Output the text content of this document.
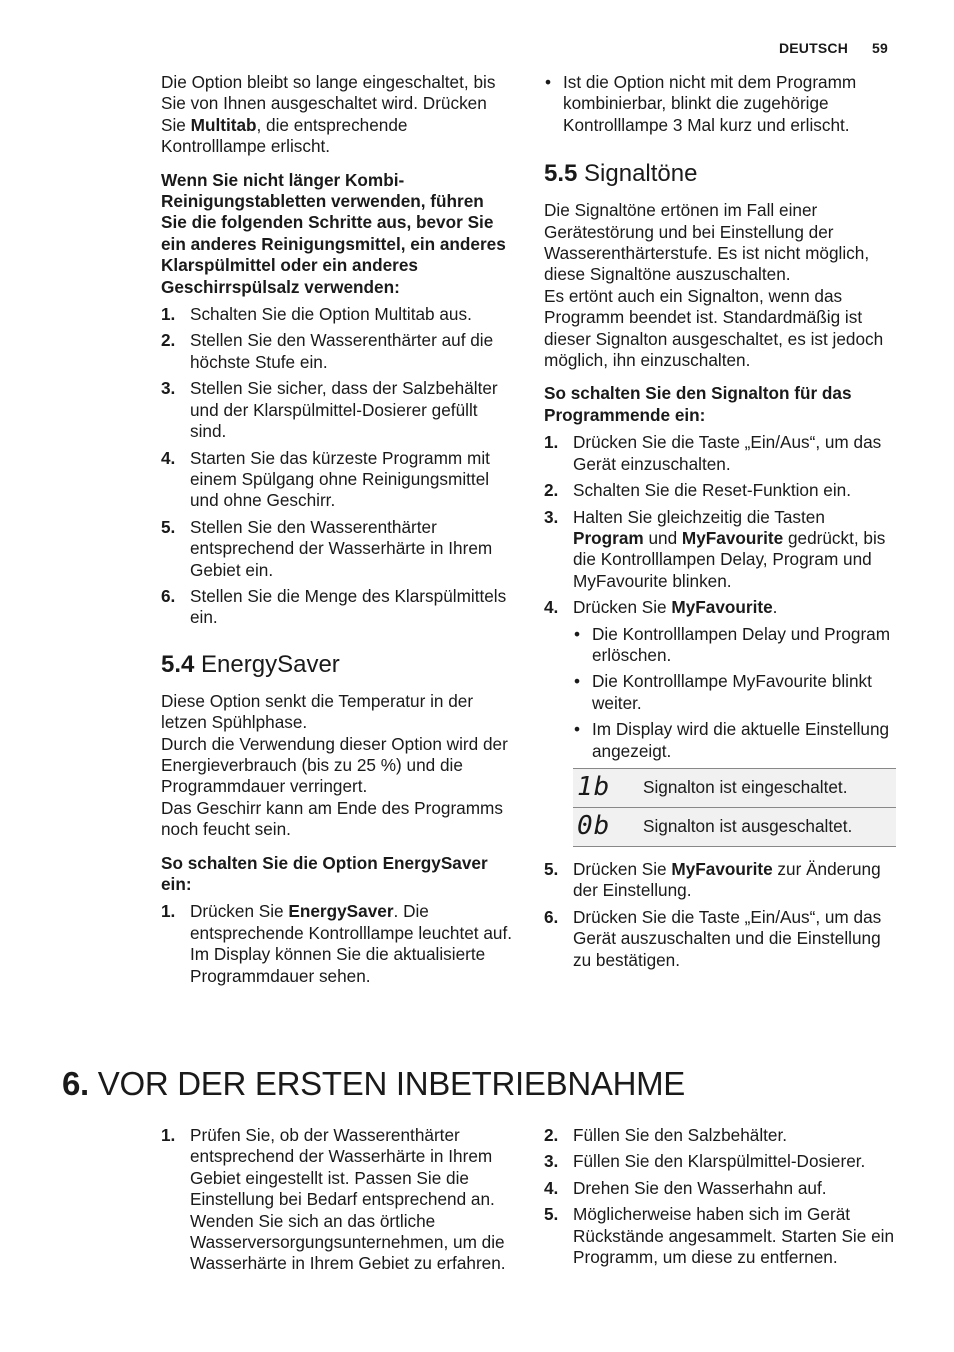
DEUTSCH 59

Die Option bleibt so lange eingeschaltet, bis Sie von Ihnen ausgeschaltet wird. Drücken Sie Multitab, die entsprechende Kontrolllampe erlischt.

Wenn Sie nicht länger Kombi-Reinigungstabletten verwenden, führen Sie die folgenden Schritte aus, bevor Sie ein anderes Reinigungsmittel, ein anderes Klarspülmittel oder ein anderes Geschirrspülsalz verwenden:

1. Schalten Sie die Option Multitab aus.
2. Stellen Sie den Wasserenthärter auf die höchste Stufe ein.
3. Stellen Sie sicher, dass der Salzbehälter und der Klarspülmittel-Dosierer gefüllt sind.
4. Starten Sie das kürzeste Programm mit einem Spülgang ohne Reinigungsmittel und ohne Geschirr.
5. Stellen Sie den Wasserenthärter entsprechend der Wasserhärte in Ihrem Gebiet ein.
6. Stellen Sie die Menge des Klarspülmittels ein.
5.4 EnergySaver

Diese Option senkt die Temperatur in der letzen Spühlphase.
Durch die Verwendung dieser Option wird der Energieverbrauch (bis zu 25 %) und die Programmdauer verringert.
Das Geschirr kann am Ende des Programms noch feucht sein.

So schalten Sie die Option EnergySaver ein:

1. Drücken Sie EnergySaver. Die entsprechende Kontrolllampe leuchtet auf. Im Display können Sie die aktualisierte Programmdauer sehen.
• Ist die Option nicht mit dem Programm kombinierbar, blinkt die zugehörige Kontrolllampe 3 Mal kurz und erlischt.
5.5 Signaltöne

Die Signaltöne ertönen im Fall einer Gerätestörung und bei Einstellung der Wasserenthärterstufe. Es ist nicht möglich, diese Signaltöne auszuschalten.
Es ertönt auch ein Signalton, wenn das Programm beendet ist. Standardmäßig ist dieser Signalton ausgeschaltet, es ist jedoch möglich, ihn einzuschalten.

So schalten Sie den Signalton für das Programmende ein:

1. Drücken Sie die Taste „Ein/Aus“, um das Gerät einzuschalten.
2. Schalten Sie die Reset-Funktion ein.
3. Halten Sie gleichzeitig die Tasten Program und MyFavourite gedrückt, bis die Kontrolllampen Delay, Program und MyFavourite blinken.
4. Drücken Sie MyFavourite.
• Die Kontrolllampen Delay und Program erlöschen.
• Die Kontrolllampe MyFavourite blinkt weiter.
• Im Display wird die aktuelle Einstellung angezeigt.
1b	Signalton ist eingeschaltet.
0b	Signalton ist ausgeschaltet.
5. Drücken Sie MyFavourite zur Änderung der Einstellung.
6. Drücken Sie die Taste „Ein/Aus“, um das Gerät auszuschalten und die Einstellung zu bestätigen.
6. VOR DER ERSTEN INBETRIEBNAHME
1. Prüfen Sie, ob der Wasserenthärter entsprechend der Wasserhärte in Ihrem Gebiet eingestellt ist. Passen Sie die Einstellung bei Bedarf entsprechend an. Wenden Sie sich an das örtliche Wasserversorgungsunternehmen, um die Wasserhärte in Ihrem Gebiet zu erfahren.
2. Füllen Sie den Salzbehälter.
3. Füllen Sie den Klarspülmittel-Dosierer.
4. Drehen Sie den Wasserhahn auf.
5. Möglicherweise haben sich im Gerät Rückstände angesammelt. Starten Sie ein Programm, um diese zu entfernen.
